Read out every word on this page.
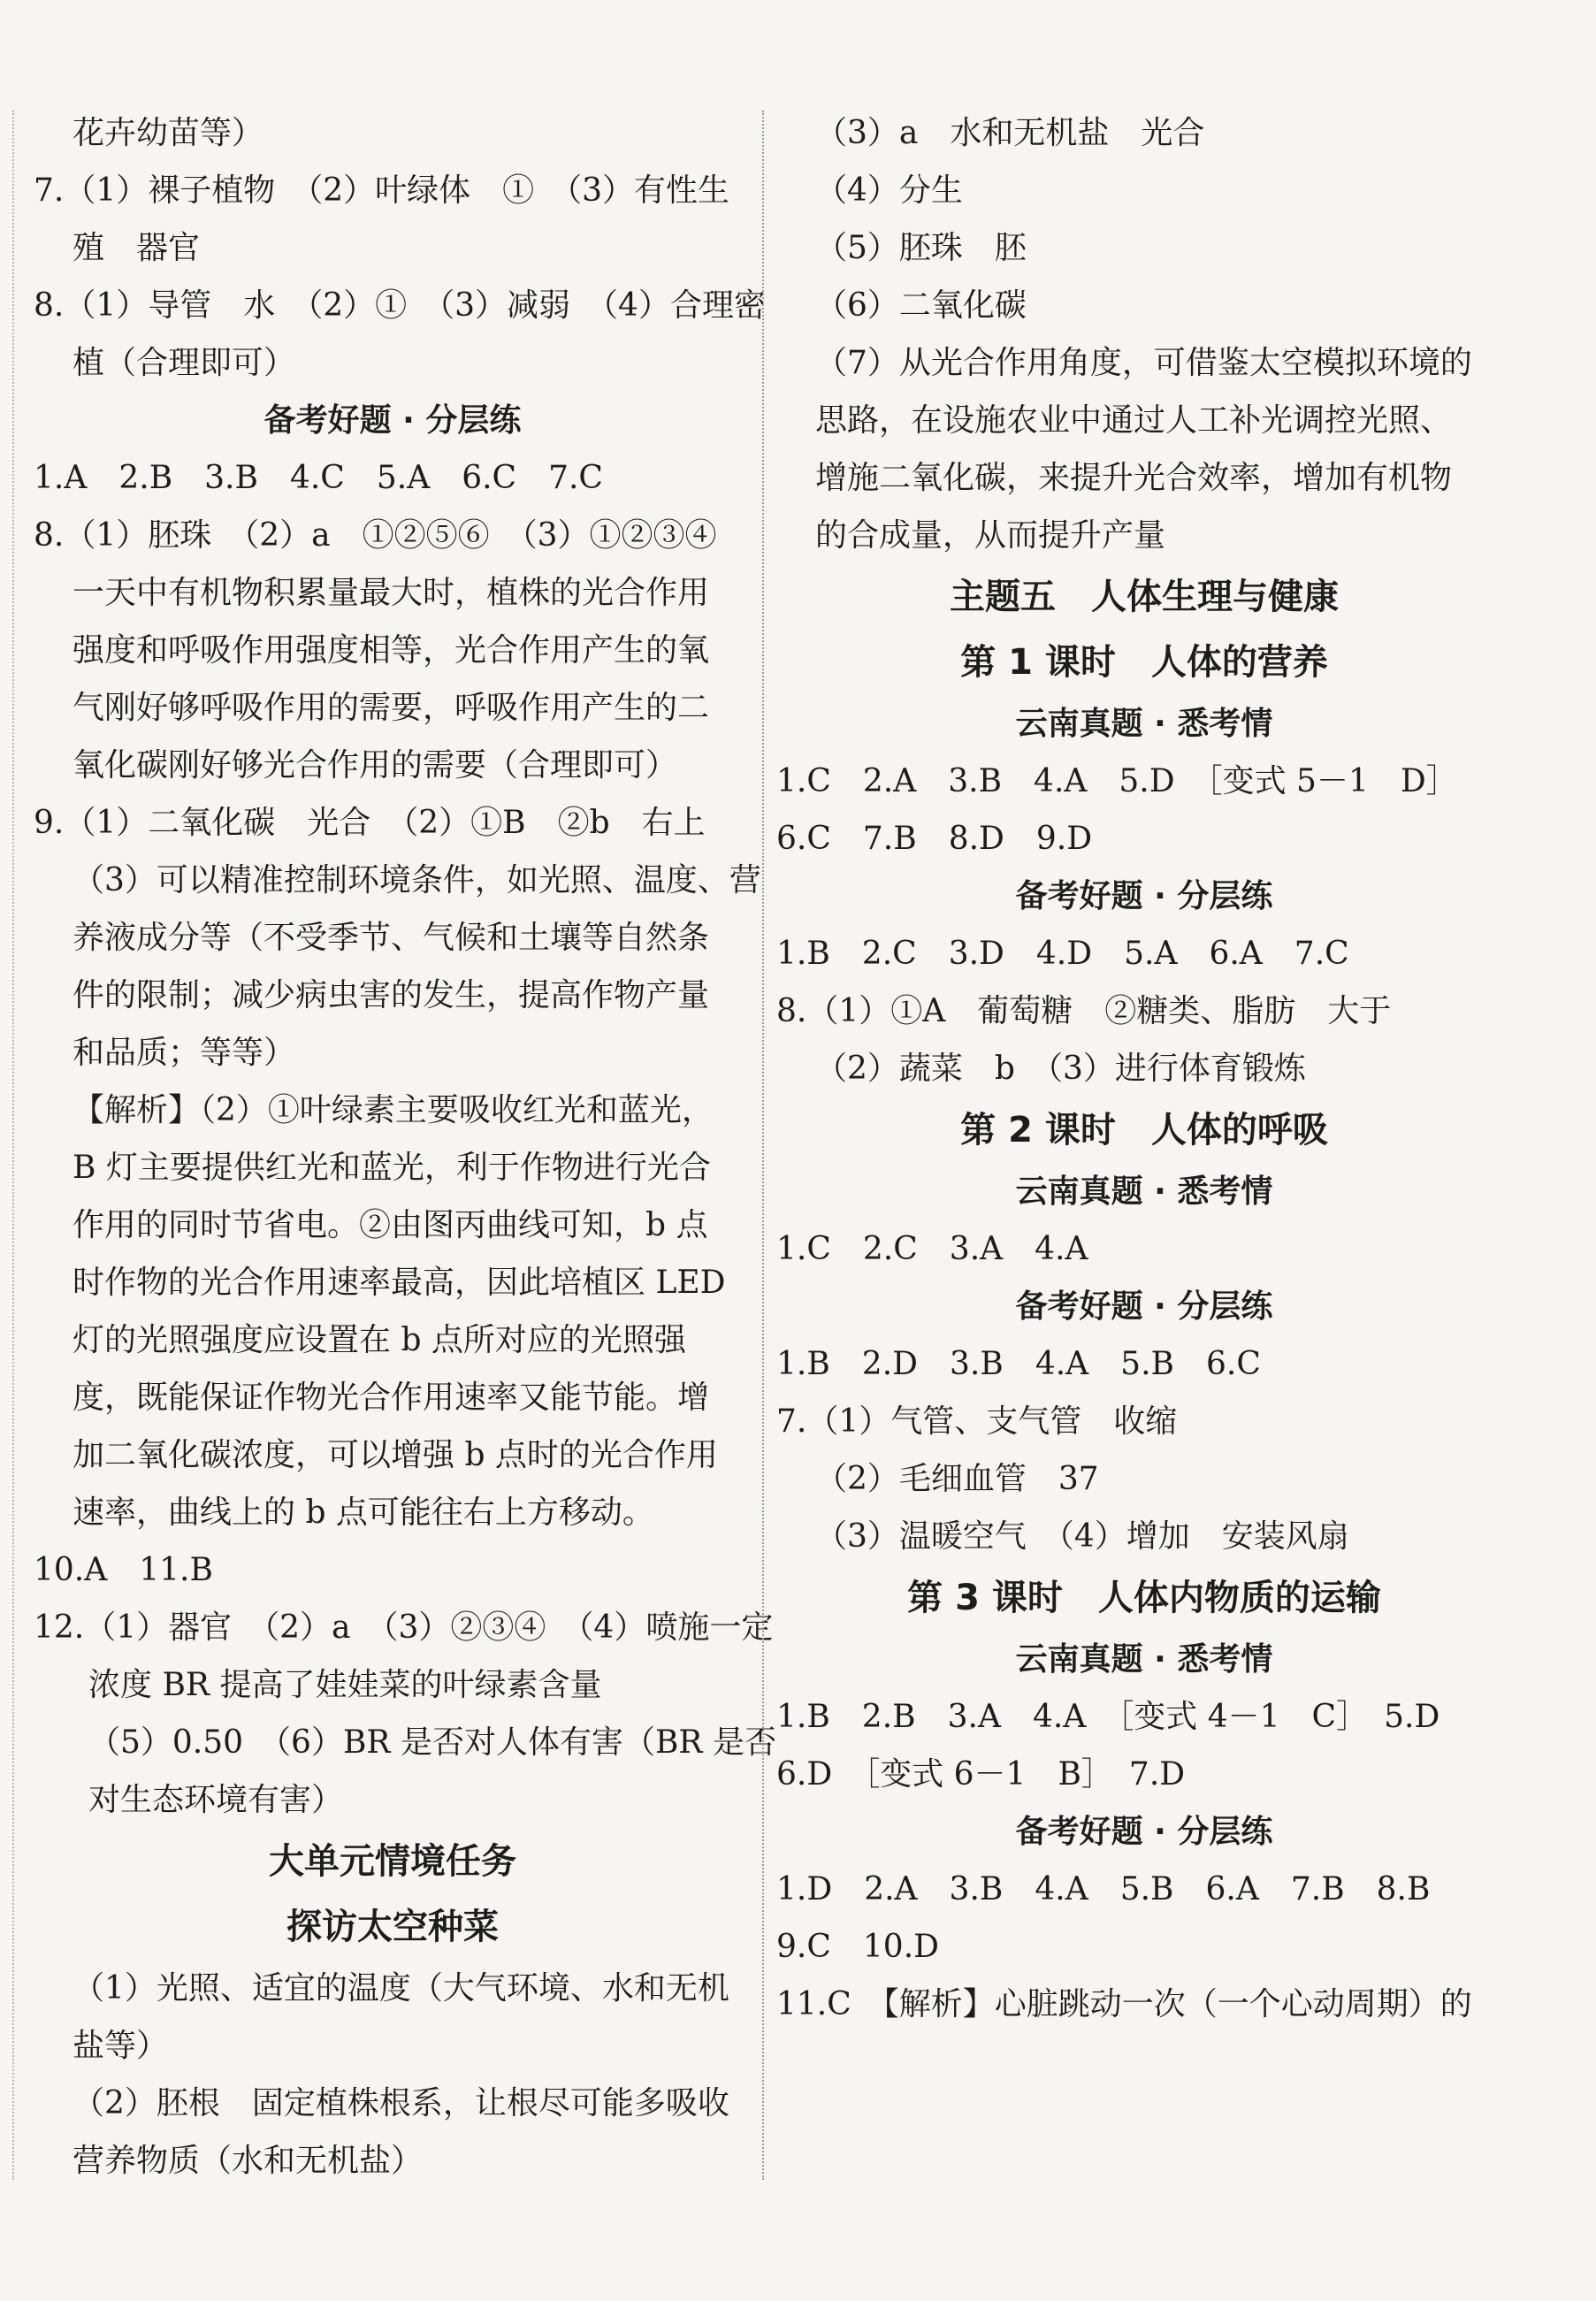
花卉幼苗等）
7.（1）裸子植物　（2）叶绿体　①　（3）有性生
殖　器官
8.（1）导管　水　（2）①　（3）减弱　（4）合理密
植（合理即可）
备考好题 · 分层练
1.A　2.B　3.B　4.C　5.A　6.C　7.C
8.（1）胚珠　（2）a　①②⑤⑥　（3）①②③④
一天中有机物积累量最大时，植株的光合作用
强度和呼吸作用强度相等，光合作用产生的氧
气刚好够呼吸作用的需要，呼吸作用产生的二
氧化碳刚好够光合作用的需要（合理即可）
9.（1）二氧化碳　光合　（2）①B　②b　右上
（3）可以精准控制环境条件，如光照、温度、营
养液成分等（不受季节、气候和土壤等自然条
件的限制；减少病虫害的发生，提高作物产量
和品质；等等）
【解析】（2）①叶绿素主要吸收红光和蓝光，
B 灯主要提供红光和蓝光，利于作物进行光合
作用的同时节省电。②由图丙曲线可知，b 点
时作物的光合作用速率最高，因此培植区 LED
灯的光照强度应设置在 b 点所对应的光照强
度，既能保证作物光合作用速率又能节能。增
加二氧化碳浓度，可以增强 b 点时的光合作用
速率，曲线上的 b 点可能往右上方移动。
10.A　11.B
12.（1）器官　（2）a　（3）②③④　（4）喷施一定
浓度 BR 提高了娃娃菜的叶绿素含量
（5）0.50　（6）BR 是否对人体有害（BR 是否
对生态环境有害）
大单元情境任务
探访太空种菜
（1）光照、适宜的温度（大气环境、水和无机
盐等）
（2）胚根　固定植株根系，让根尽可能多吸收
营养物质（水和无机盐）
（3）a　水和无机盐　光合
（4）分生
（5）胚珠　胚
（6）二氧化碳
（7）从光合作用角度，可借鉴太空模拟环境的
思路，在设施农业中通过人工补光调控光照、
增施二氧化碳，来提升光合效率，增加有机物
的合成量，从而提升产量
主题五　人体生理与健康
第 1 课时　人体的营养
云南真题 · 悉考情
1.C　2.A　3.B　4.A　5.D　［变式 5－1　D］
6.C　7.B　8.D　9.D
备考好题 · 分层练
1.B　2.C　3.D　4.D　5.A　6.A　7.C
8.（1）①A　葡萄糖　②糖类、脂肪　大于
（2）蔬菜　b　（3）进行体育锻炼
第 2 课时　人体的呼吸
云南真题 · 悉考情
1.C　2.C　3.A　4.A
备考好题 · 分层练
1.B　2.D　3.B　4.A　5.B　6.C
7.（1）气管、支气管　收缩
（2）毛细血管　37
（3）温暖空气　（4）增加　安装风扇
第 3 课时　人体内物质的运输
云南真题 · 悉考情
1.B　2.B　3.A　4.A　［变式 4－1　C］　5.D
6.D　［变式 6－1　B］　7.D
备考好题 · 分层练
1.D　2.A　3.B　4.A　5.B　6.A　7.B　8.B
9.C　10.D
11.C　【解析】心脏跳动一次（一个心动周期）的
